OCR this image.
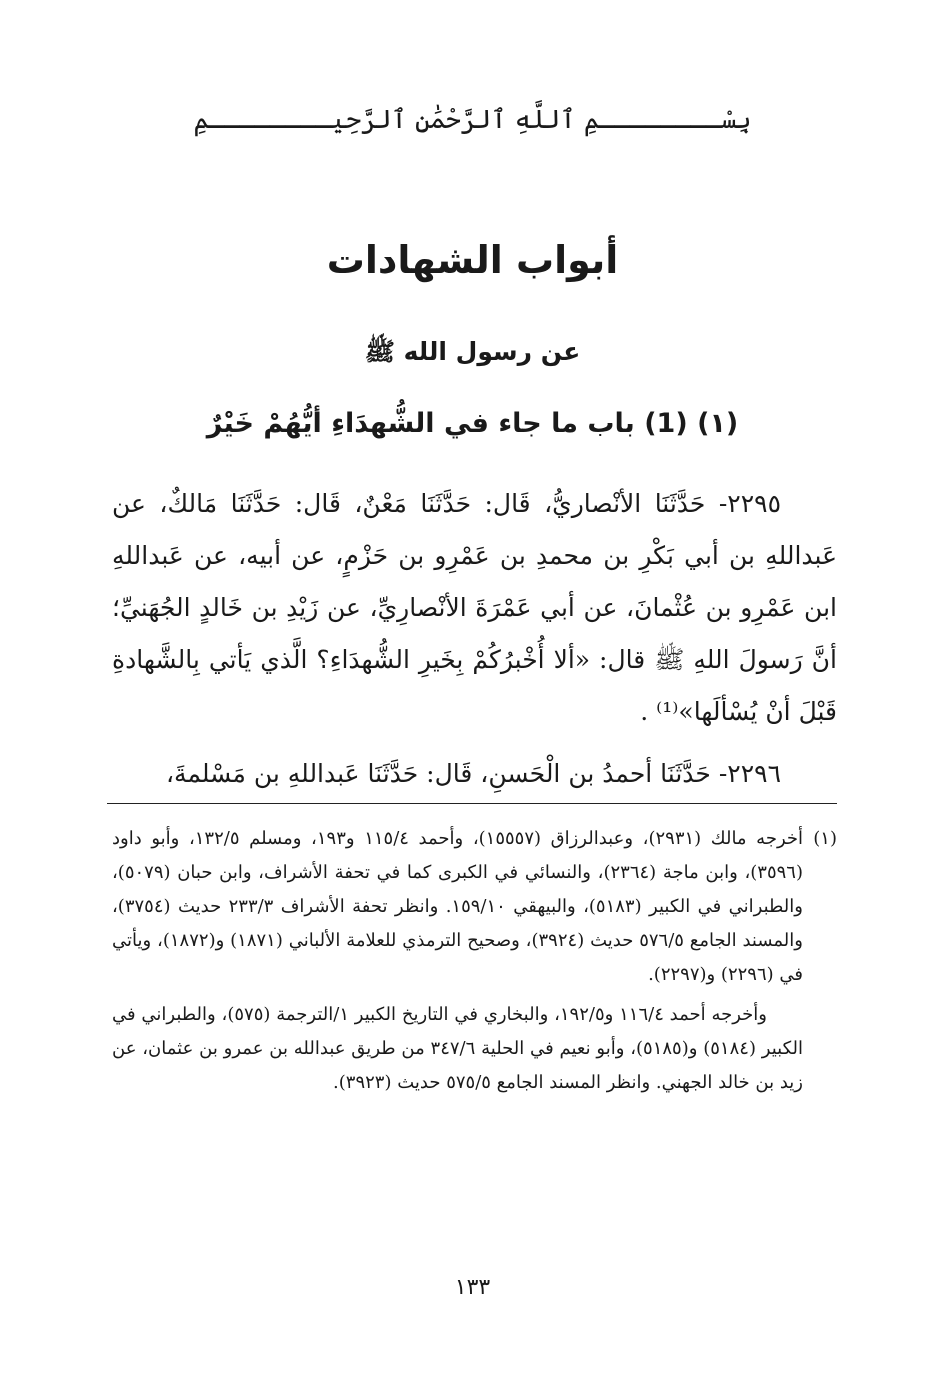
بِسْــــــــمِ ٱللَّهِ ٱلرَّحْمَٰنِ ٱلرَّحِيــــــــمِ
أبواب الشهادات
عن رسول الله ﷺ
(١) (1) باب ما جاء في الشُّهدَاءِ أيُّهُمْ خَيْرٌ

٢٢٩٥- حَدَّثَنَا الأنْصاريُّ، قَال: حَدَّثَنَا مَعْنٌ، قَال: حَدَّثَنَا مَالكٌ، عن عَبداللهِ بن أبي بَكْرِ بن محمدِ بن عَمْرِو بن حَزْمٍ، عن أبيه، عن عَبداللهِ ابن عَمْرِو بن عُثْمانَ، عن أبي عَمْرَةَ الأنْصارِيِّ، عن زَيْدِ بن خَالدٍ الجُهَنيِّ؛ أنَّ رَسولَ اللهِ ﷺ قال: «ألا أُخْبرُكُمْ بِخَيرِ الشُّهدَاءِ؟ الَّذي يَأتي بِالشَّهادةِ قَبْلَ أنْ يُسْألَها»⁽¹⁾ .

٢٢٩٦- حَدَّثَنَا أحمدُ بن الْحَسنِ، قَال: حَدَّثَنَا عَبداللهِ بن مَسْلمةَ،

(١)
أخرجه مالك (٢٩٣١)، وعبدالرزاق (١٥٥٥٧)، وأحمد ١١٥/٤ و١٩٣، ومسلم ١٣٢/٥، وأبو داود (٣٥٩٦)، وابن ماجة (٢٣٦٤)، والنسائي في الكبرى كما في تحفة الأشراف، وابن حبان (٥٠٧٩)، والطبراني في الكبير (٥١٨٣)، والبيهقي ١٥٩/١٠. وانظر تحفة الأشراف ٢٣٣/٣ حديث (٣٧٥٤)، والمسند الجامع ٥٧٦/٥ حديث (٣٩٢٤)، وصحيح الترمذي للعلامة الألباني (١٨٧١) و(١٨٧٢)، ويأتي في (٢٢٩٦) و(٢٢٩٧).

وأخرجه أحمد ١١٦/٤ و١٩٢/٥، والبخاري في التاريخ الكبير ١/الترجمة (٥٧٥)، والطبراني في الكبير (٥١٨٤) و(٥١٨٥)، وأبو نعيم في الحلية ٣٤٧/٦ من طريق عبدالله بن عمرو بن عثمان، عن زيد بن خالد الجهني. وانظر المسند الجامع ٥٧٥/٥ حديث (٣٩٢٣).

١٣٣
